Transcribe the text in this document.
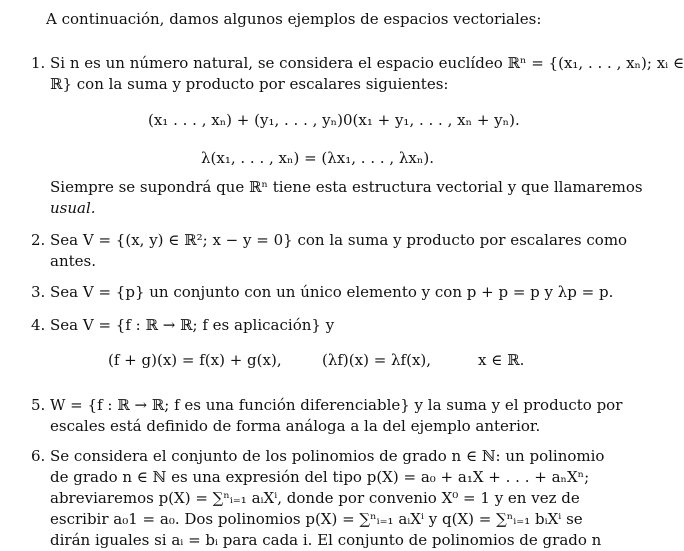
A continuación, damos algunos ejemplos de espacios vectoriales:
1. Si n es un número natural, se considera el espacio euclídeo ℝⁿ = {(x₁, . . . , xₙ); xᵢ ∈
ℝ} con la suma y producto por escalares siguientes:
(x₁ . . . , xₙ) + (y₁, . . . , yₙ)0(x₁ + y₁, . . . , xₙ + yₙ).
λ(x₁, . . . , xₙ) = (λx₁, . . . , λxₙ).
Siempre se supondrá que ℝⁿ tiene esta estructura vectorial y que llamaremos
usual.
2. Sea V = {(x, y) ∈ ℝ²; x − y = 0} con la suma y producto por escalares como
antes.
3. Sea V = {p} un conjunto con un único elemento y con p + p = p y λp = p.
4. Sea V = {f : ℝ → ℝ; f es aplicación} y
(f + g)(x) = f(x) + g(x),	(λf)(x) = λf(x),	x ∈ ℝ.
5. W = {f : ℝ → ℝ; f es una función diferenciable} y la suma y el producto por
escales está definido de forma análoga a la del ejemplo anterior.
6. Se considera el conjunto de los polinomios de grado n ∈ ℕ: un polinomio
de grado n ∈ ℕ es una expresión del tipo p(X) = a₀ + a₁X + . . . + aₙXⁿ;
abreviaremos p(X) = ∑ⁿᵢ₌₁ aᵢXⁱ, donde por convenio X⁰ = 1 y en vez de
escribir a₀1 = a₀. Dos polinomios p(X) = ∑ⁿᵢ₌₁ aᵢXⁱ y q(X) = ∑ⁿᵢ₌₁ bᵢXⁱ se
dirán iguales si aᵢ = bᵢ para cada i. El conjunto de polinomios de grado n
